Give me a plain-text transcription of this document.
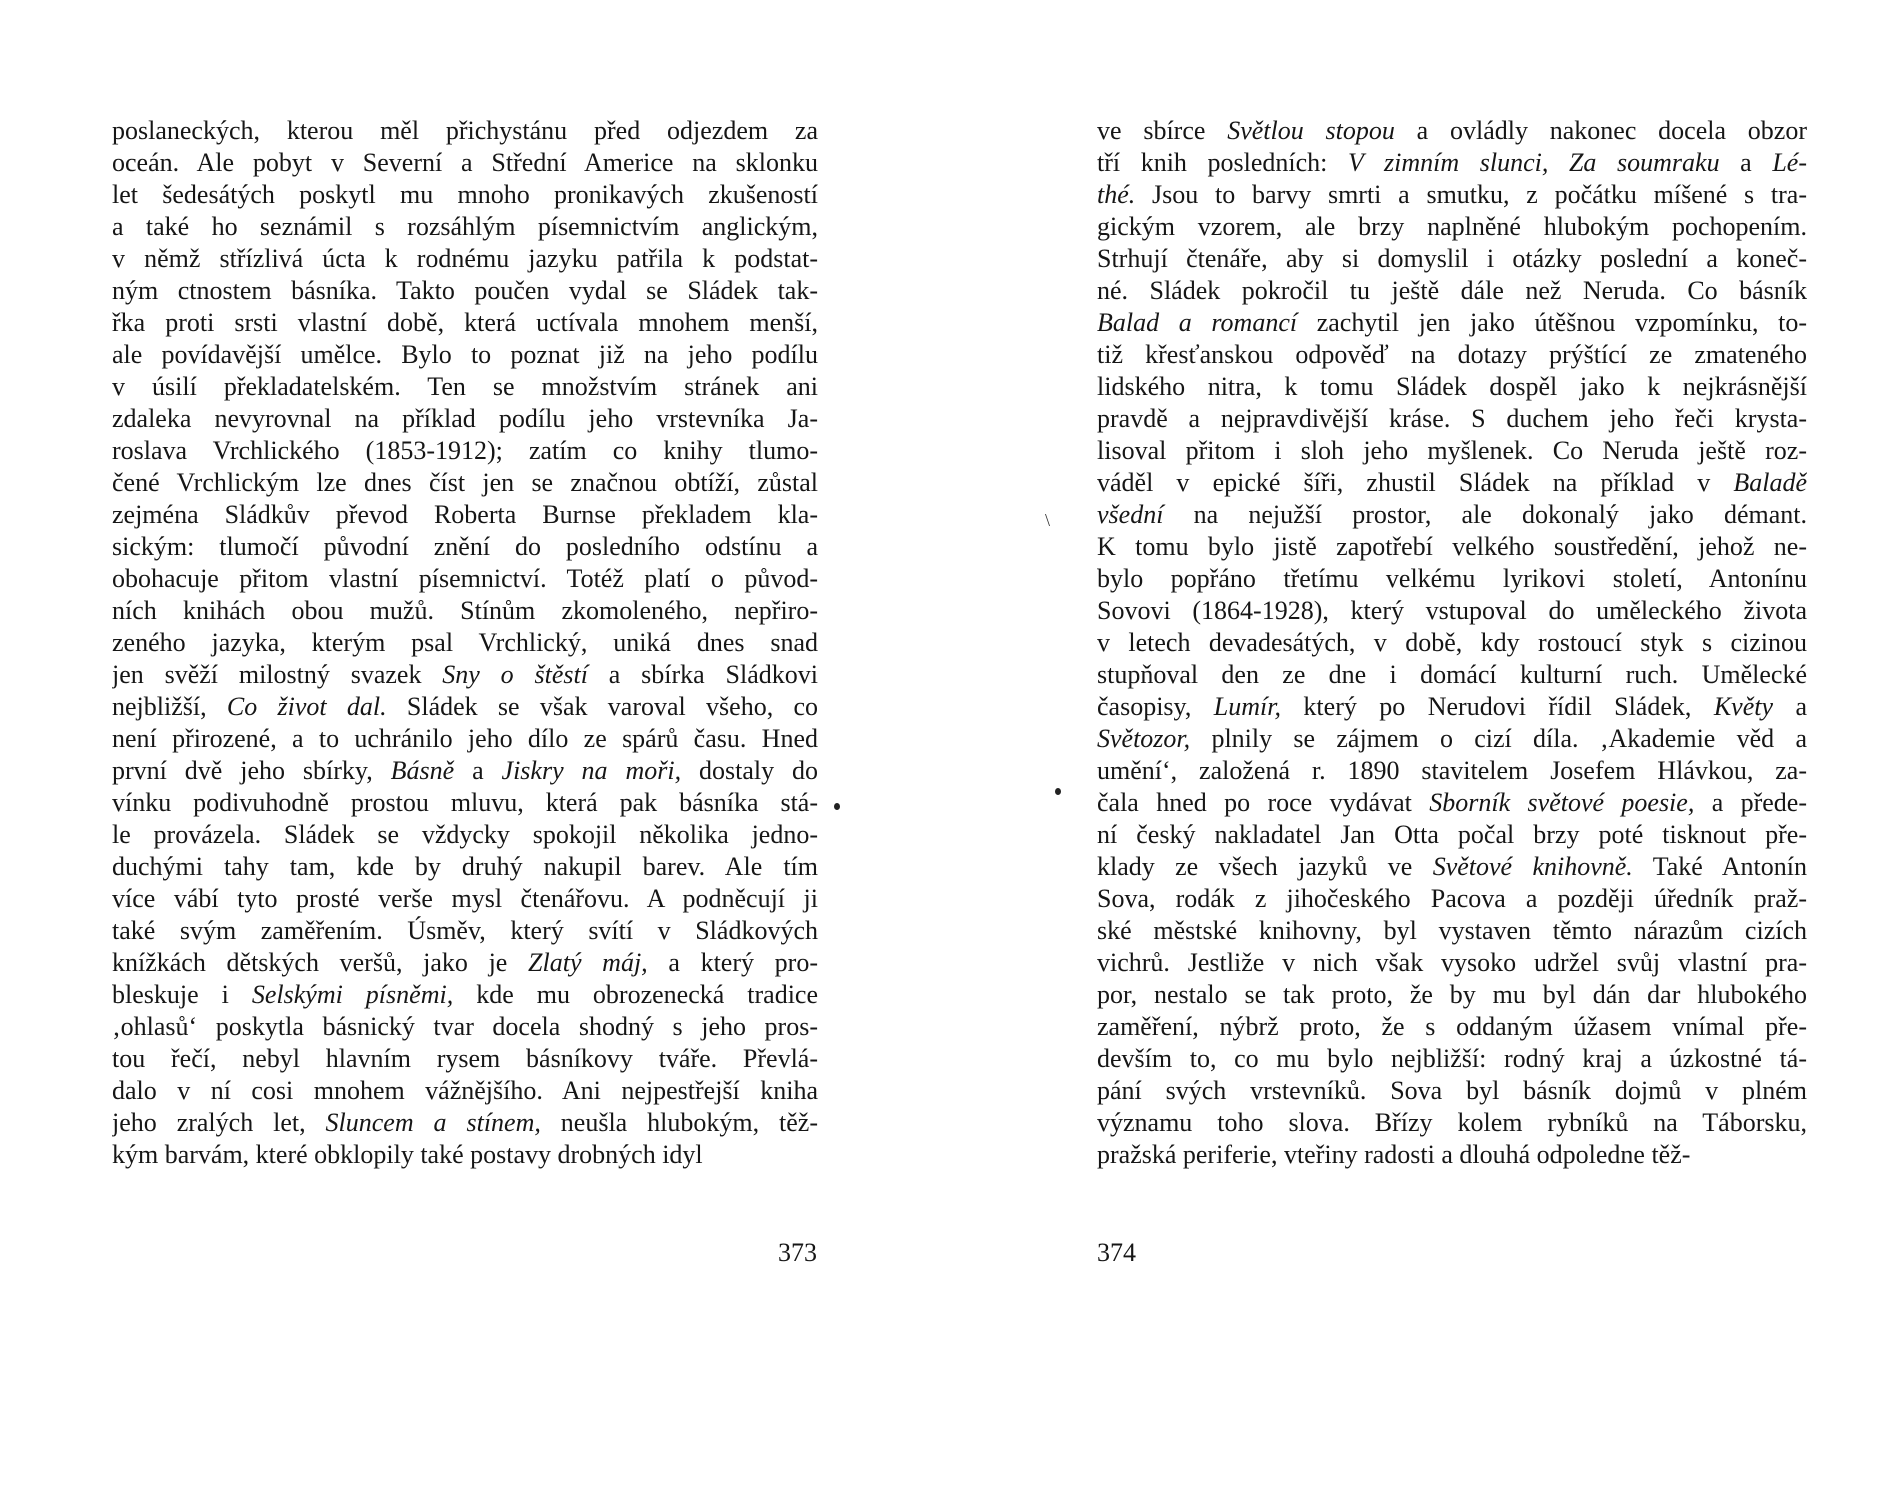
poslaneckých, kterou měl přichystánu před odjezdem za
oceán. Ale pobyt v Severní a Střední Americe na sklonku
let šedesátých poskytl mu mnoho pronikavých zkušeností
a také ho seznámil s rozsáhlým písemnictvím anglickým,
v němž střízlivá úcta k rodnému jazyku patřila k podstat-
ným ctnostem básníka. Takto poučen vydal se Sládek tak-
řka proti srsti vlastní době, která uctívala mnohem menší,
ale povídavější umělce. Bylo to poznat již na jeho podílu
v úsilí překladatelském. Ten se množstvím stránek ani
zdaleka nevyrovnal na příklad podílu jeho vrstevníka Ja-
roslava Vrchlického (1853-1912); zatím co knihy tlumo-
čené Vrchlickým lze dnes číst jen se značnou obtíží, zůstal
zejména Sládkův převod Roberta Burnse překladem kla-
sickým: tlumočí původní znění do posledního odstínu a
obohacuje přitom vlastní písemnictví. Totéž platí o původ-
ních knihách obou mužů. Stínům zkomoleného, nepřiro-
zeného jazyka, kterým psal Vrchlický, uniká dnes snad
jen svěží milostný svazek Sny o štěstí a sbírka Sládkovi
nejbližší, Co život dal. Sládek se však varoval všeho, co
není přirozené, a to uchránilo jeho dílo ze spárů času. Hned
první dvě jeho sbírky, Básně a Jiskry na moři, dostaly do
vínku podivuhodně prostou mluvu, která pak básníka stá-
le provázela. Sládek se vždycky spokojil několika jedno-
duchými tahy tam, kde by druhý nakupil barev. Ale tím
více vábí tyto prosté verše mysl čtenářovu. A podněcují ji
také svým zaměřením. Úsměv, který svítí v Sládkových
knížkách dětských veršů, jako je Zlatý máj, a který pro-
bleskuje i Selskými písněmi, kde mu obrozenecká tradice
‚ohlasů‘ poskytla básnický tvar docela shodný s jeho pros-
tou řečí, nebyl hlavním rysem básníkovy tváře. Převlá-
dalo v ní cosi mnohem vážnějšího. Ani nejpestřejší kniha
jeho zralých let, Sluncem a stínem, neušla hlubokým, těž-
kým barvám, které obklopily také postavy drobných idyl
373
ve sbírce Světlou stopou a ovládly nakonec docela obzor
tří knih posledních: V zimním slunci, Za soumraku a Lé-
thé. Jsou to barvy smrti a smutku, z počátku míšené s tra-
gickým vzorem, ale brzy naplněné hlubokým pochopením.
Strhují čtenáře, aby si domyslil i otázky poslední a koneč-
né. Sládek pokročil tu ještě dále než Neruda. Co básník
Balad a romancí zachytil jen jako útěšnou vzpomínku, to-
tiž křesťanskou odpověď na dotazy prýštící ze zmateného
lidského nitra, k tomu Sládek dospěl jako k nejkrásnější
pravdě a nejpravdivější kráse. S duchem jeho řeči krysta-
lisoval přitom i sloh jeho myšlenek. Co Neruda ještě roz-
váděl v epické šíři, zhustil Sládek na příklad v Baladě
všední na nejužší prostor, ale dokonalý jako démant.
K tomu bylo jistě zapotřebí velkého soustředění, jehož ne-
bylo popřáno třetímu velkému lyrikovi století, Antonínu
Sovovi (1864-1928), který vstupoval do uměleckého života
v letech devadesátých, v době, kdy rostoucí styk s cizinou
stupňoval den ze dne i domácí kulturní ruch. Umělecké
časopisy, Lumír, který po Nerudovi řídil Sládek, Květy a
Světozor, plnily se zájmem o cizí díla. ‚Akademie věd a
umění‘, založená r. 1890 stavitelem Josefem Hlávkou, za-
čala hned po roce vydávat Sborník světové poesie, a přede-
ní český nakladatel Jan Otta počal brzy poté tisknout pře-
klady ze všech jazyků ve Světové knihovně. Také Antonín
Sova, rodák z jihočeského Pacova a později úředník praž-
ské městské knihovny, byl vystaven těmto nárazům cizích
vichrů. Jestliže v nich však vysoko udržel svůj vlastní pra-
por, nestalo se tak proto, že by mu byl dán dar hlubokého
zaměření, nýbrž proto, že s oddaným úžasem vnímal pře-
devším to, co mu bylo nejbližší: rodný kraj a úzkostné tá-
pání svých vrstevníků. Sova byl básník dojmů v plném
významu toho slova. Břízy kolem rybníků na Táborsku,
pražská periferie, vteřiny radosti a dlouhá odpoledne těž-
374
\
